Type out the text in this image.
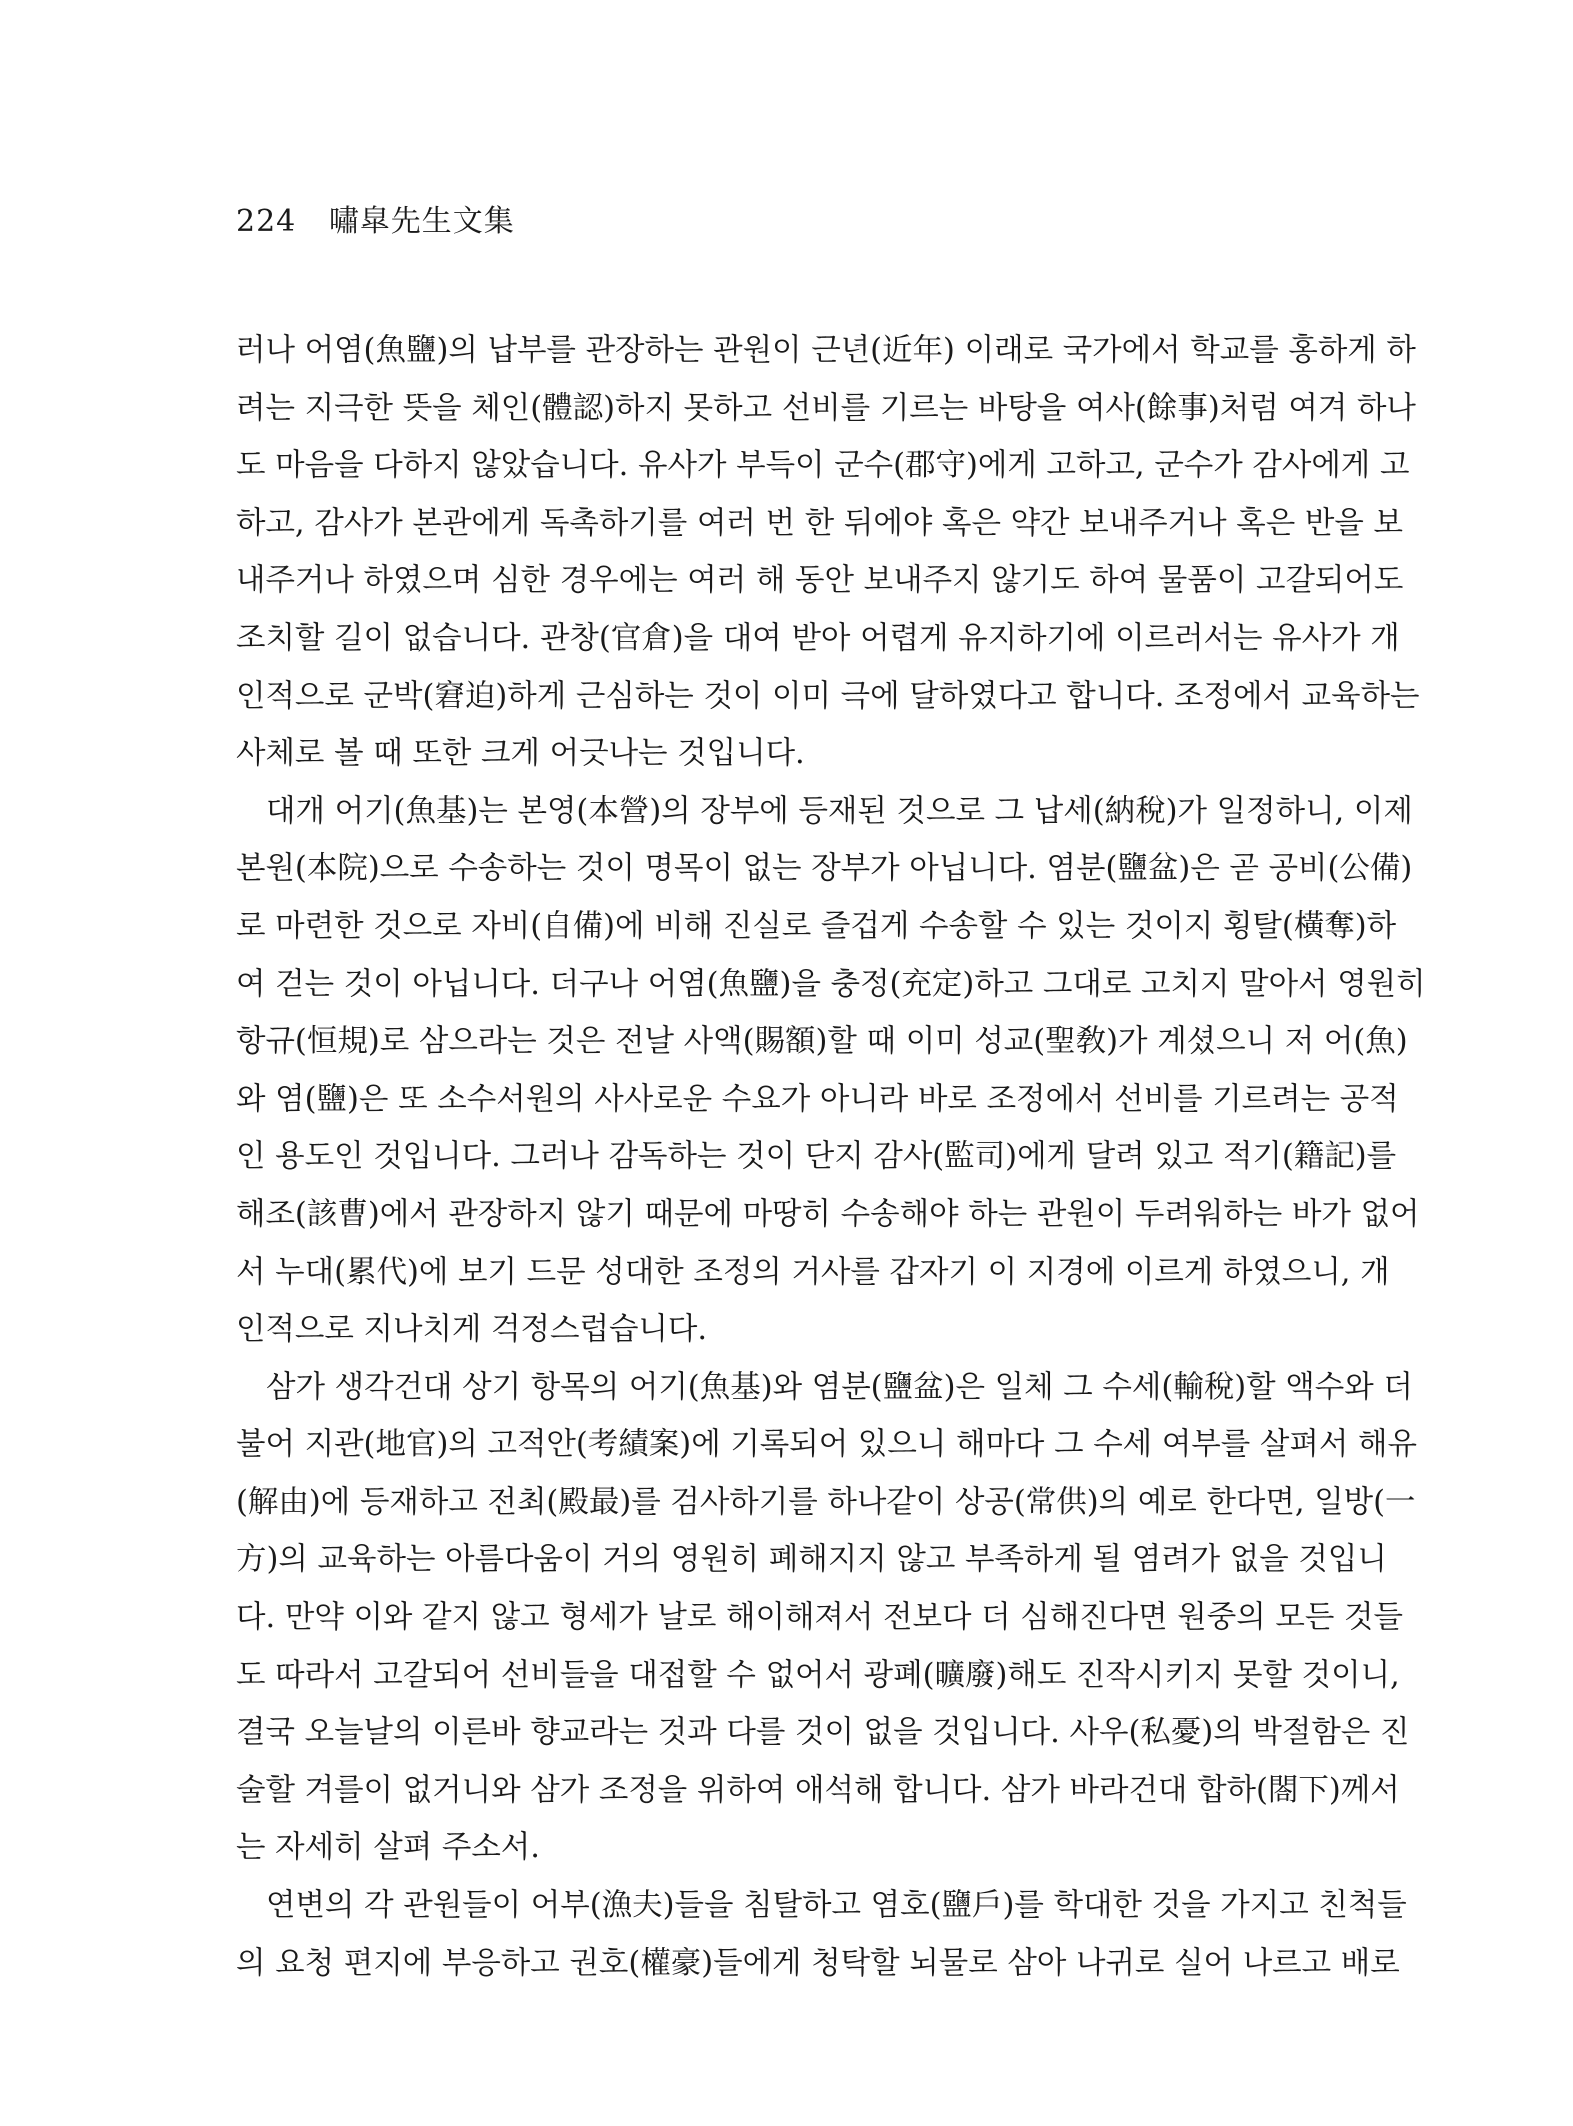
224 嘯皐先生文集
러나 어염(魚鹽)의 납부를 관장하는 관원이 근년(近年) 이래로 국가에서 학교를 홍하게 하
려는 지극한 뜻을 체인(體認)하지 못하고 선비를 기르는 바탕을 여사(餘事)처럼 여겨 하나
도 마음을 다하지 않았습니다. 유사가 부득이 군수(郡守)에게 고하고, 군수가 감사에게 고
하고, 감사가 본관에게 독촉하기를 여러 번 한 뒤에야 혹은 약간 보내주거나 혹은 반을 보
내주거나 하였으며 심한 경우에는 여러 해 동안 보내주지 않기도 하여 물품이 고갈되어도
조치할 길이 없습니다. 관창(官倉)을 대여 받아 어렵게 유지하기에 이르러서는 유사가 개
인적으로 군박(窘迫)하게 근심하는 것이 이미 극에 달하였다고 합니다. 조정에서 교육하는
사체로 볼 때 또한 크게 어긋나는 것입니다.
대개 어기(魚基)는 본영(本營)의 장부에 등재된 것으로 그 납세(納稅)가 일정하니, 이제
본원(本院)으로 수송하는 것이 명목이 없는 장부가 아닙니다. 염분(鹽盆)은 곧 공비(公備)
로 마련한 것으로 자비(自備)에 비해 진실로 즐겁게 수송할 수 있는 것이지 횡탈(橫奪)하
여 걷는 것이 아닙니다. 더구나 어염(魚鹽)을 충정(充定)하고 그대로 고치지 말아서 영원히
항규(恒規)로 삼으라는 것은 전날 사액(賜額)할 때 이미 성교(聖敎)가 계셨으니 저 어(魚)
와 염(鹽)은 또 소수서원의 사사로운 수요가 아니라 바로 조정에서 선비를 기르려는 공적
인 용도인 것입니다. 그러나 감독하는 것이 단지 감사(監司)에게 달려 있고 적기(籍記)를
해조(該曹)에서 관장하지 않기 때문에 마땅히 수송해야 하는 관원이 두려워하는 바가 없어
서 누대(累代)에 보기 드문 성대한 조정의 거사를 갑자기 이 지경에 이르게 하였으니, 개
인적으로 지나치게 걱정스럽습니다.
삼가 생각건대 상기 항목의 어기(魚基)와 염분(鹽盆)은 일체 그 수세(輸稅)할 액수와 더
불어 지관(地官)의 고적안(考績案)에 기록되어 있으니 해마다 그 수세 여부를 살펴서 해유
(解由)에 등재하고 전최(殿最)를 검사하기를 하나같이 상공(常供)의 예로 한다면, 일방(一
方)의 교육하는 아름다움이 거의 영원히 폐해지지 않고 부족하게 될 염려가 없을 것입니
다. 만약 이와 같지 않고 형세가 날로 해이해져서 전보다 더 심해진다면 원중의 모든 것들
도 따라서 고갈되어 선비들을 대접할 수 없어서 광폐(曠廢)해도 진작시키지 못할 것이니,
결국 오늘날의 이른바 향교라는 것과 다를 것이 없을 것입니다. 사우(私憂)의 박절함은 진
술할 겨를이 없거니와 삼가 조정을 위하여 애석해 합니다. 삼가 바라건대 합하(閤下)께서
는 자세히 살펴 주소서.
연변의 각 관원들이 어부(漁夫)들을 침탈하고 염호(鹽戶)를 학대한 것을 가지고 친척들
의 요청 편지에 부응하고 권호(權豪)들에게 청탁할 뇌물로 삼아 나귀로 실어 나르고 배로
